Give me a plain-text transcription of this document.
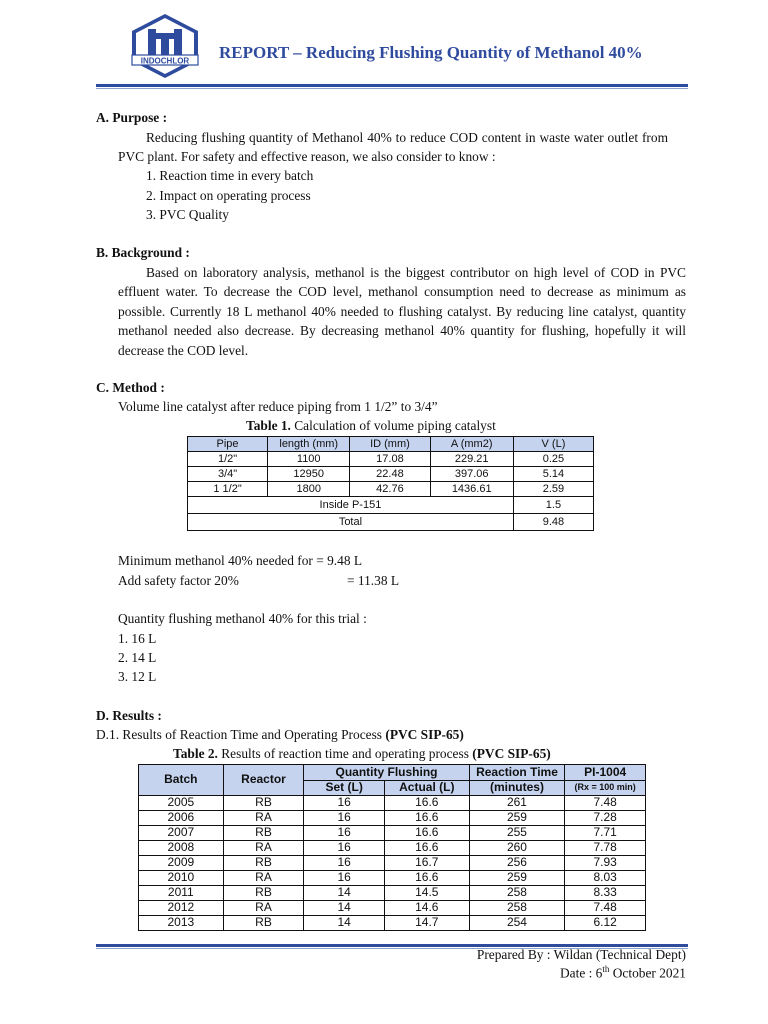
INDOCHLOR REPORT – Reducing Flushing Quantity of Methanol 40%
A. Purpose :
Reducing flushing quantity of Methanol 40% to reduce COD content in waste water outlet from PVC plant. For safety and effective reason, we also consider to know :
1. Reaction time in every batch
2. Impact on operating process
3. PVC Quality
B. Background :
Based on laboratory analysis, methanol is the biggest contributor on high level of COD in PVC effluent water. To decrease the COD level, methanol consumption need to decrease as minimum as possible. Currently 18 L methanol 40% needed to flushing catalyst. By reducing line catalyst, quantity methanol needed also decrease. By decreasing methanol 40% quantity for flushing, hopefully it will decrease the COD level.
C. Method :
Volume line catalyst after reduce piping from 1 1/2” to 3/4”
Table 1. Calculation of volume piping catalyst
Pipe	length (mm)	ID (mm)	A (mm2)	V (L)
1/2"	1100	17.08	229.21	0.25
3/4"	12950	22.48	397.06	5.14
1 1/2"	1800	42.76	1436.61	2.59
Inside P-151				1.5
Total				9.48
Minimum methanol 40% needed for = 9.48 L
Add safety factor 20%	= 11.38 L
Quantity flushing methanol 40% for this trial :
1. 16 L
2. 14 L
3. 12 L
D. Results :
D.1. Results of Reaction Time and Operating Process (PVC SIP-65)
Table 2. Results of reaction time and operating process (PVC SIP-65)
Batch	Reactor	Quantity Flushing		Reaction Time	PI-1004
		Set (L)	Actual (L)	(minutes)	(Rx = 100 min)
2005	RB	16	16.6	261	7.48
2006	RA	16	16.6	259	7.28
2007	RB	16	16.6	255	7.71
2008	RA	16	16.6	260	7.78
2009	RB	16	16.7	256	7.93
2010	RA	16	16.6	259	8.03
2011	RB	14	14.5	258	8.33
2012	RA	14	14.6	258	7.48
2013	RB	14	14.7	254	6.12
Prepared By : Wildan (Technical Dept)
Date : 6th October 2021
